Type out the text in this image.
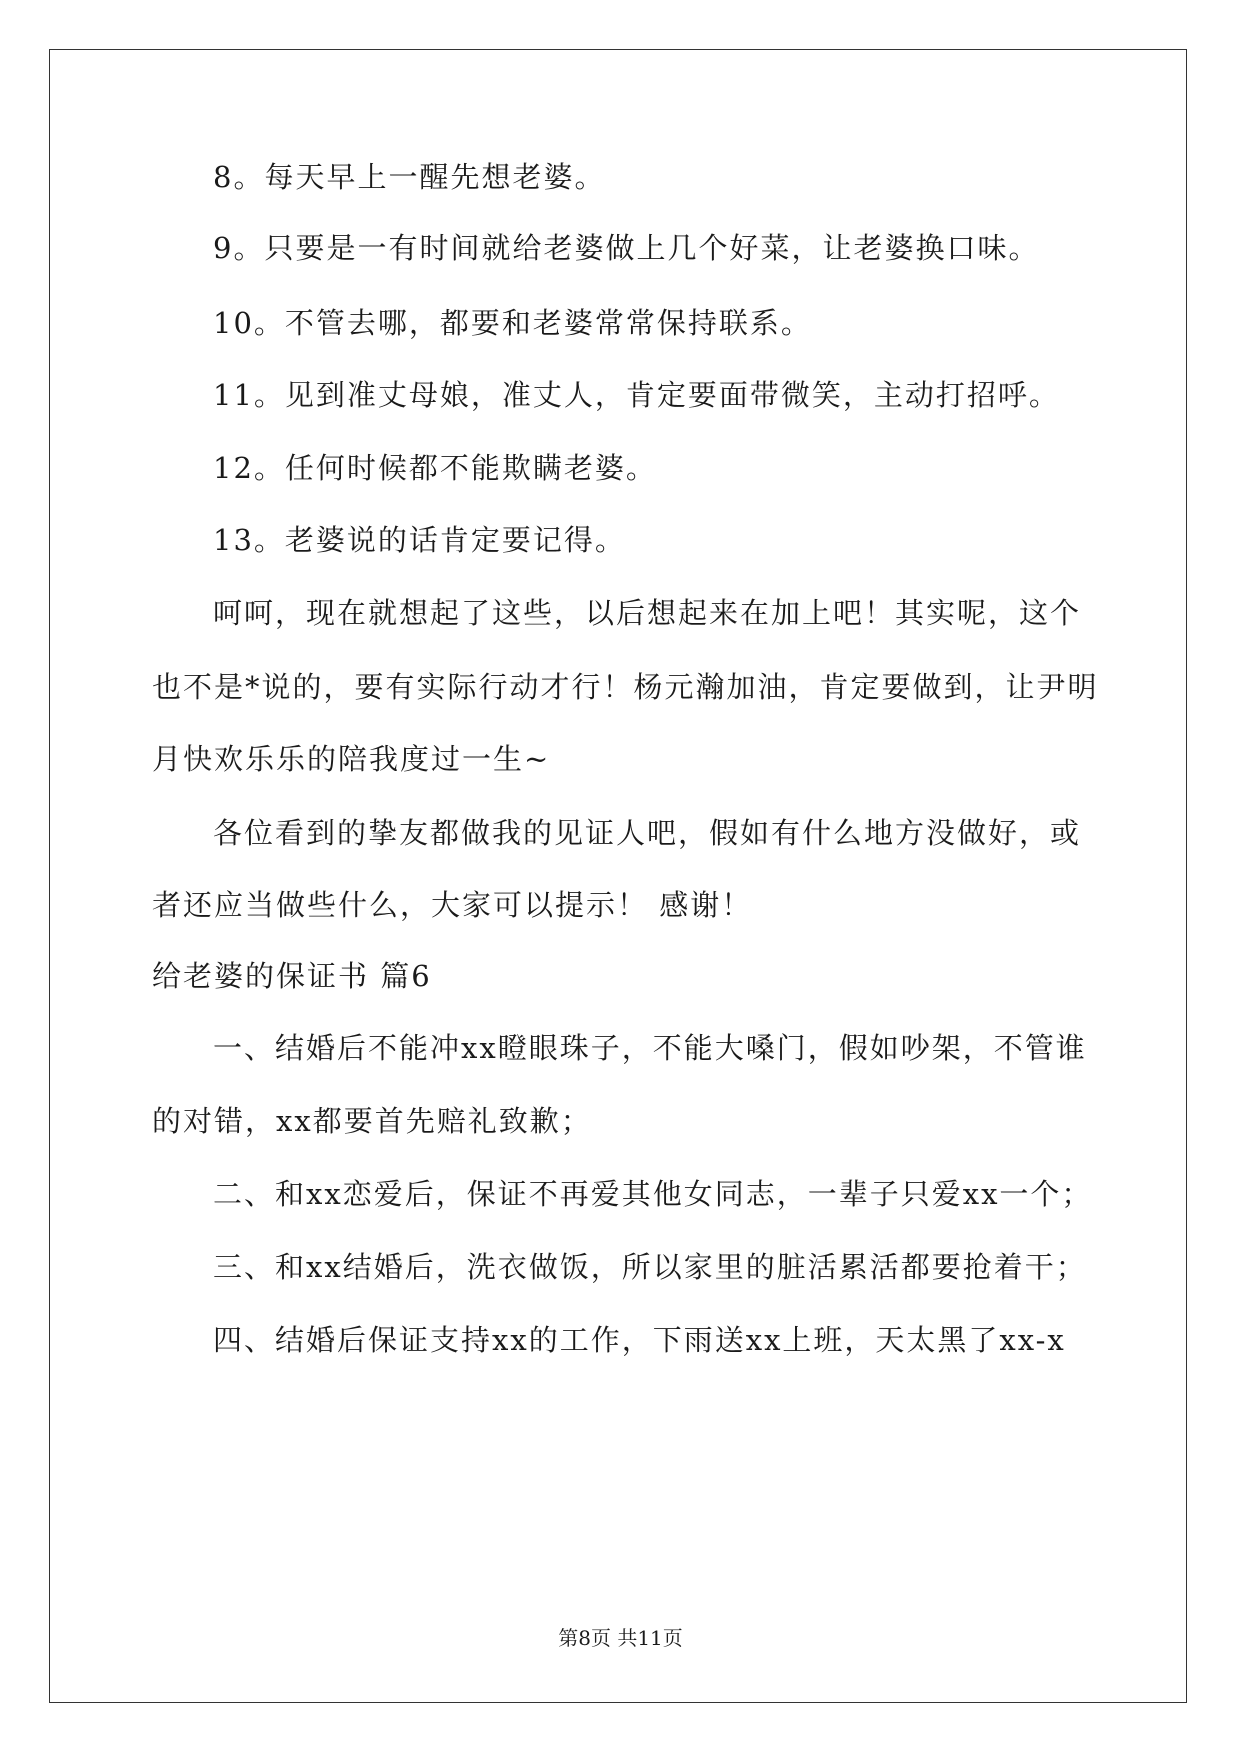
8。每天早上一醒先想老婆。
9。只要是一有时间就给老婆做上几个好菜，让老婆换口味。
10。不管去哪，都要和老婆常常保持联系。
11。见到准丈母娘，准丈人，肯定要面带微笑，主动打招呼。
12。任何时候都不能欺瞒老婆。
13。老婆说的话肯定要记得。
呵呵，现在就想起了这些，以后想起来在加上吧！其实呢，这个
也不是*说的，要有实际行动才行！杨元瀚加油，肯定要做到，让尹明
月快欢乐乐的陪我度过一生~
各位看到的挚友都做我的见证人吧，假如有什么地方没做好，或
者还应当做些什么，大家可以提示！ 感谢！
给老婆的保证书 篇6
一、结婚后不能冲xx瞪眼珠子，不能大嗓门，假如吵架，不管谁
的对错，xx都要首先赔礼致歉；
二、和xx恋爱后，保证不再爱其他女同志，一辈子只爱xx一个；
三、和xx结婚后，洗衣做饭，所以家里的脏活累活都要抢着干；
四、结婚后保证支持xx的工作，下雨送xx上班，天太黑了xx-x
第8页 共11页
